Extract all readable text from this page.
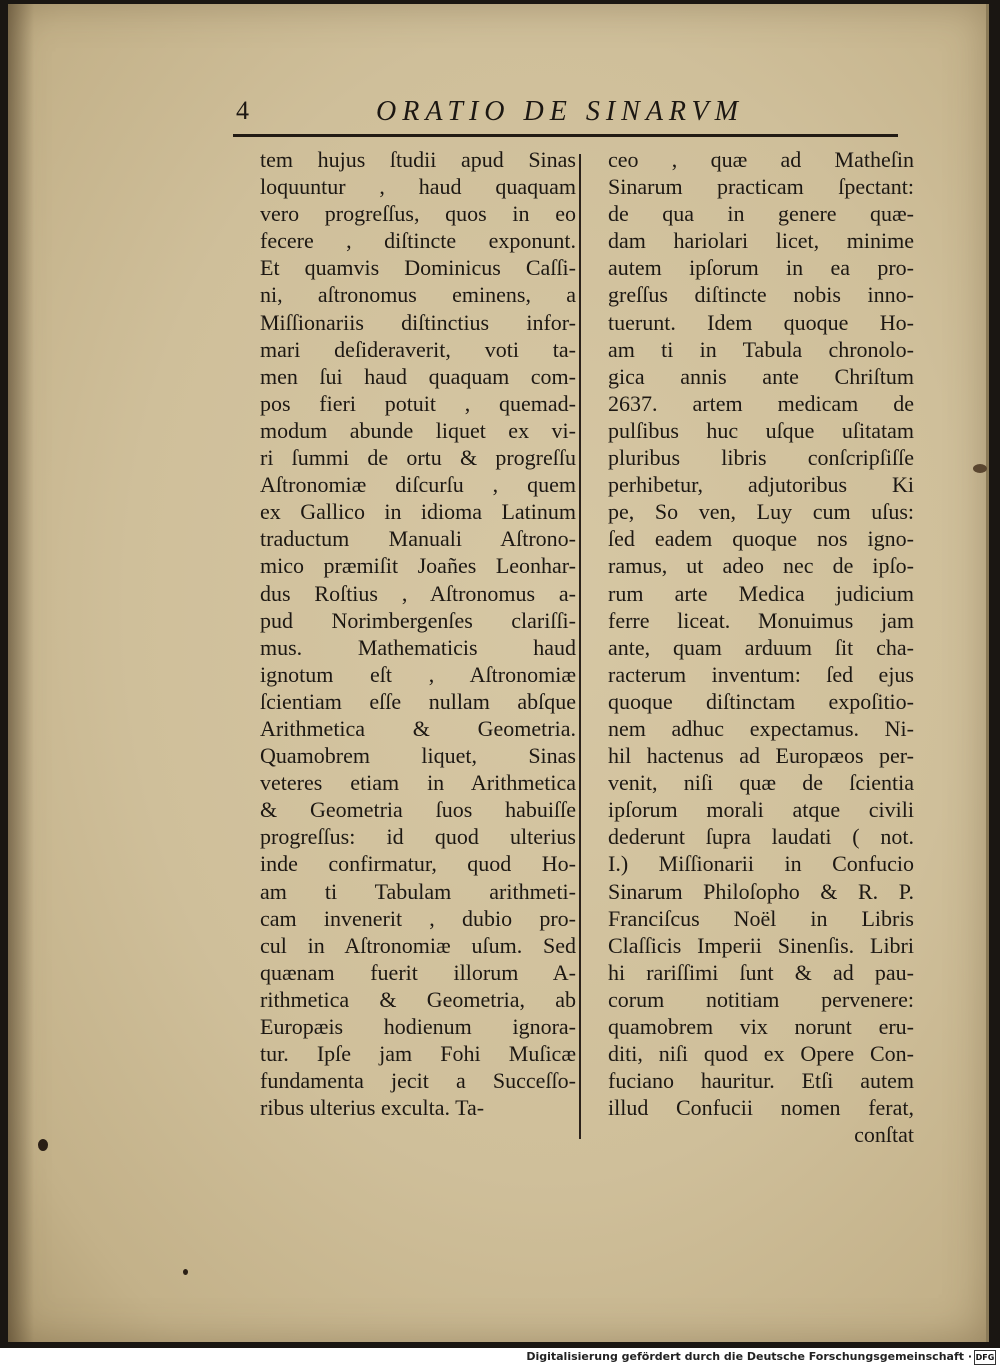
4	ORATIO DE SINARVM
tem hujus ſtudii apud Sinas
loquuntur , haud quaquam
vero progreſſus, quos in eo
fecere , diſtincte exponunt.
Et quamvis Dominicus Caſſi-
ni, aſtronomus eminens, a
Miſſionariis diſtinctius infor-
mari deſideraverit, voti ta-
men ſui haud quaquam com-
pos fieri potuit , quemad-
modum abunde liquet ex vi-
ri ſummi de ortu & progreſſu
Aſtronomiæ diſcurſu , quem
ex Gallico in idioma Latinum
traductum Manuali Aſtrono-
mico præmiſit Joañes Leonhar-
dus Roſtius , Aſtronomus a-
pud Norimbergenſes clariſſi-
mus. Mathematicis haud
ignotum eſt , Aſtronomiæ
ſcientiam eſſe nullam abſque
Arithmetica & Geometria.
Quamobrem liquet, Sinas
veteres etiam in Arithmetica
& Geometria ſuos habuiſſe
progreſſus: id quod ulterius
inde confirmatur, quod Ho-
am ti Tabulam arithmeti-
cam invenerit , dubio pro-
cul in Aſtronomiæ uſum. Sed
quænam fuerit illorum A-
rithmetica & Geometria, ab
Europæis hodienum ignora-
tur. Ipſe jam Fohi Muſicæ
fundamenta jecit a Succeſſo-
ribus ulterius exculta. Ta-
ceo , quæ ad Matheſin
Sinarum practicam ſpectant:
de qua in genere quæ-
dam hariolari licet, minime
autem ipſorum in ea pro-
greſſus diſtincte nobis inno-
tuerunt. Idem quoque Ho-
am ti in Tabula chronolo-
gica annis ante Chriſtum
2637. artem medicam de
pulſibus huc uſque uſitatam
pluribus libris conſcripſiſſe
perhibetur, adjutoribus Ki
pe, So ven, Luy cum uſus:
ſed eadem quoque nos igno-
ramus, ut adeo nec de ipſo-
rum arte Medica judicium
ferre liceat. Monuimus jam
ante, quam arduum ſit cha-
racterum inventum: ſed ejus
quoque diſtinctam expoſitio-
nem adhuc expectamus. Ni-
hil hactenus ad Europæos per-
venit, niſi quæ de ſcientia
ipſorum morali atque civili
dederunt ſupra laudati ( not.
I.) Miſſionarii in Confucio
Sinarum Philoſopho & R. P.
Franciſcus Noël in Libris
Claſſicis Imperii Sinenſis. Libri
hi rariſſimi ſunt & ad pau-
corum notitiam pervenere:
quamobrem vix norunt eru-
diti, niſi quod ex Opere Con-
fuciano hauritur. Etſi autem
illud Confucii nomen ferat,
conſtat
Digitalisierung gefördert durch die Deutsche Forschungsgemeinschaft · DFG
